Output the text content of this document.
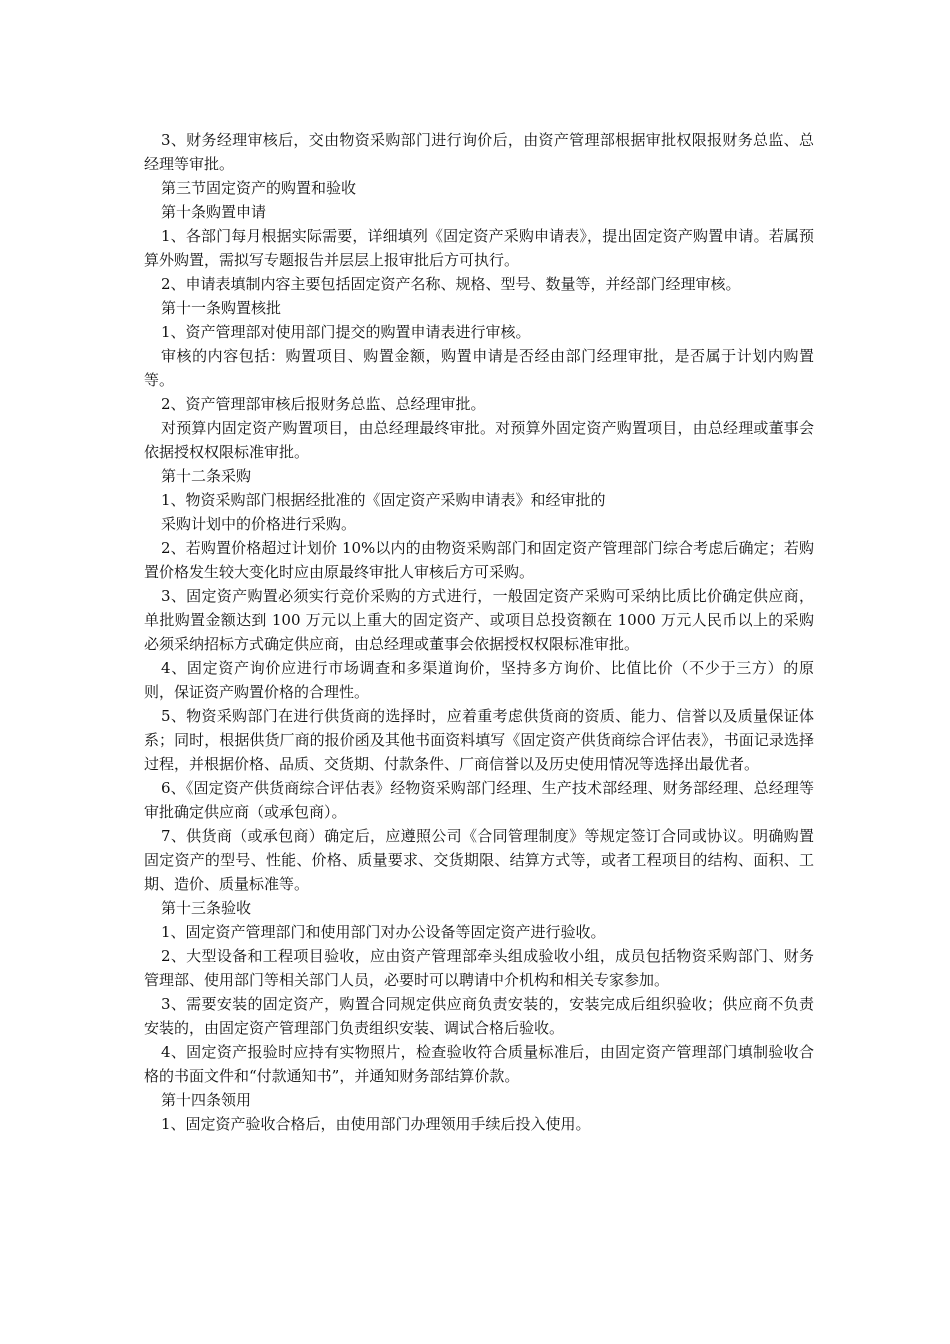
3、财务经理审核后，交由物资采购部门进行询价后，由资产管理部根据审批权限报财务总监、总经理等审批。

第三节固定资产的购置和验收

第十条购置申请

1、各部门每月根据实际需要，详细填列《固定资产采购申请表》，提出固定资产购置申请。若属预算外购置，需拟写专题报告并层层上报审批后方可执行。

2、申请表填制内容主要包括固定资产名称、规格、型号、数量等，并经部门经理审核。

第十一条购置核批

1、资产管理部对使用部门提交的购置申请表进行审核。

审核的内容包括：购置项目、购置金额，购置申请是否经由部门经理审批，是否属于计划内购置等。

2、资产管理部审核后报财务总监、总经理审批。

对预算内固定资产购置项目，由总经理最终审批。对预算外固定资产购置项目，由总经理或董事会依据授权权限标准审批。

第十二条采购

1、物资采购部门根据经批准的《固定资产采购申请表》和经审批的

采购计划中的价格进行采购。

2、若购置价格超过计划价 10%以内的由物资采购部门和固定资产管理部门综合考虑后确定；若购置价格发生较大变化时应由原最终审批人审核后方可采购。

3、固定资产购置必须实行竞价采购的方式进行，一般固定资产采购可采纳比质比价确定供应商，单批购置金额达到 100 万元以上重大的固定资产、或项目总投资额在 1000 万元人民币以上的采购必须采纳招标方式确定供应商，由总经理或董事会依据授权权限标准审批。

4、固定资产询价应进行市场调查和多渠道询价，坚持多方询价、比值比价（不少于三方）的原则，保证资产购置价格的合理性。

5、物资采购部门在进行供货商的选择时，应着重考虑供货商的资质、能力、信誉以及质量保证体系；同时，根据供货厂商的报价函及其他书面资料填写《固定资产供货商综合评估表》，书面记录选择过程，并根据价格、品质、交货期、付款条件、厂商信誉以及历史使用情况等选择出最优者。

6、《固定资产供货商综合评估表》经物资采购部门经理、生产技术部经理、财务部经理、总经理等审批确定供应商（或承包商）。

7、供货商（或承包商）确定后，应遵照公司《合同管理制度》等规定签订合同或协议。明确购置固定资产的型号、性能、价格、质量要求、交货期限、结算方式等，或者工程项目的结构、面积、工期、造价、质量标准等。

第十三条验收

1、固定资产管理部门和使用部门对办公设备等固定资产进行验收。

2、大型设备和工程项目验收，应由资产管理部牵头组成验收小组，成员包括物资采购部门、财务管理部、使用部门等相关部门人员，必要时可以聘请中介机构和相关专家参加。

3、需要安装的固定资产，购置合同规定供应商负责安装的，安装完成后组织验收；供应商不负责安装的，由固定资产管理部门负责组织安装、调试合格后验收。

4、固定资产报验时应持有实物照片，检查验收符合质量标准后，由固定资产管理部门填制验收合格的书面文件和“付款通知书”，并通知财务部结算价款。

第十四条领用

1、固定资产验收合格后，由使用部门办理领用手续后投入使用。
